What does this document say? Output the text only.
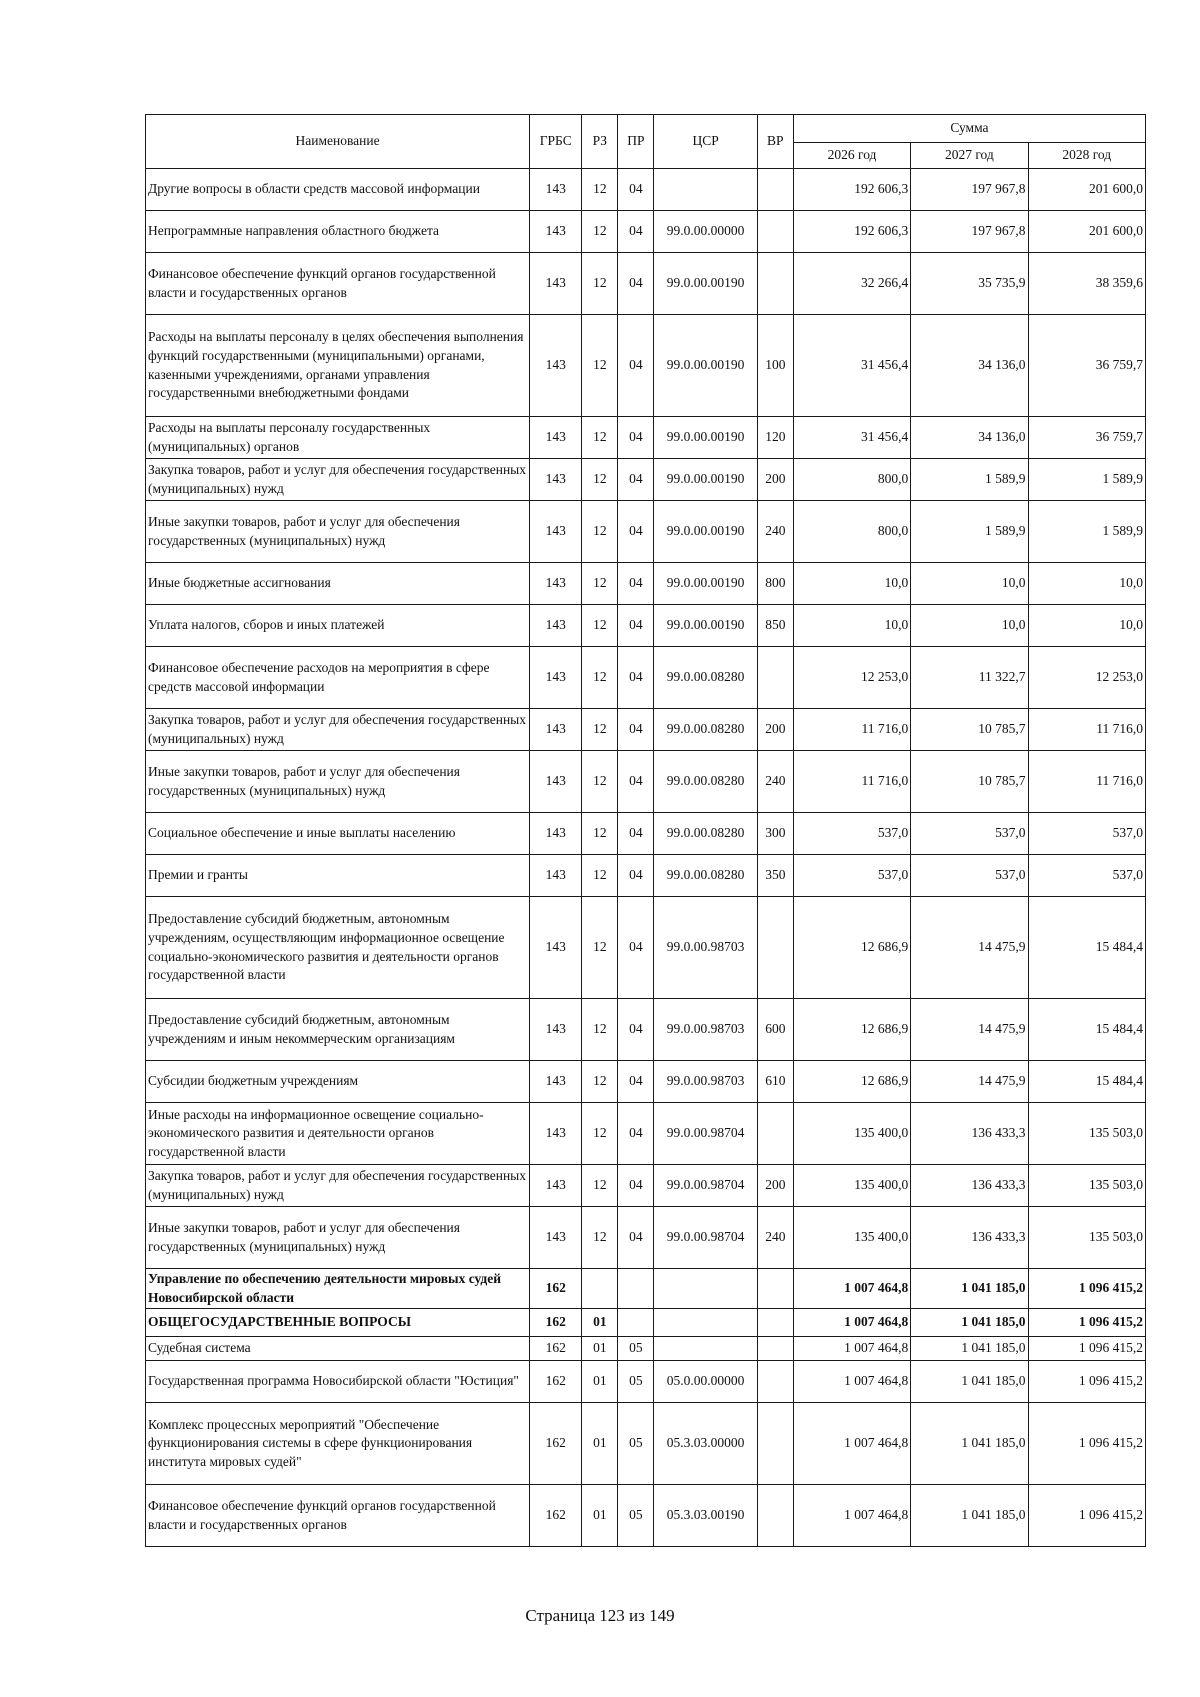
Наименование	ГРБС	РЗ	ПР	ЦСР	ВР	Сумма		
						2026 год	2027 год	2028 год
Другие вопросы в области средств массовой информации	143	12	04			192 606,3	197 967,8	201 600,0
Непрограммные направления областного бюджета	143	12	04	99.0.00.00000		192 606,3	197 967,8	201 600,0
Финансовое обеспечение функций органов государственной власти и государственных органов	143	12	04	99.0.00.00190		32 266,4	35 735,9	38 359,6
Расходы на выплаты персоналу в целях обеспечения выполнения функций государственными (муниципальными) органами, казенными учреждениями, органами управления государственными внебюджетными фондами	143	12	04	99.0.00.00190	100	31 456,4	34 136,0	36 759,7
Расходы на выплаты персоналу государственных (муниципальных) органов	143	12	04	99.0.00.00190	120	31 456,4	34 136,0	36 759,7
Закупка товаров, работ и услуг для обеспечения государственных (муниципальных) нужд	143	12	04	99.0.00.00190	200	800,0	1 589,9	1 589,9
Иные закупки товаров, работ и услуг для обеспечения государственных (муниципальных) нужд	143	12	04	99.0.00.00190	240	800,0	1 589,9	1 589,9
Иные бюджетные ассигнования	143	12	04	99.0.00.00190	800	10,0	10,0	10,0
Уплата налогов, сборов и иных платежей	143	12	04	99.0.00.00190	850	10,0	10,0	10,0
Финансовое обеспечение расходов на мероприятия в сфере средств массовой информации	143	12	04	99.0.00.08280		12 253,0	11 322,7	12 253,0
Закупка товаров, работ и услуг для обеспечения государственных (муниципальных) нужд	143	12	04	99.0.00.08280	200	11 716,0	10 785,7	11 716,0
Иные закупки товаров, работ и услуг для обеспечения государственных (муниципальных) нужд	143	12	04	99.0.00.08280	240	11 716,0	10 785,7	11 716,0
Социальное обеспечение и иные выплаты населению	143	12	04	99.0.00.08280	300	537,0	537,0	537,0
Премии и гранты	143	12	04	99.0.00.08280	350	537,0	537,0	537,0
Предоставление субсидий бюджетным, автономным учреждениям, осуществляющим информационное освещение социально-экономического развития и деятельности органов государственной власти	143	12	04	99.0.00.98703		12 686,9	14 475,9	15 484,4
Предоставление субсидий бюджетным, автономным учреждениям и иным некоммерческим организациям	143	12	04	99.0.00.98703	600	12 686,9	14 475,9	15 484,4
Субсидии бюджетным учреждениям	143	12	04	99.0.00.98703	610	12 686,9	14 475,9	15 484,4
Иные расходы на информационное освещение социально-экономического развития и деятельности органов государственной власти	143	12	04	99.0.00.98704		135 400,0	136 433,3	135 503,0
Закупка товаров, работ и услуг для обеспечения государственных (муниципальных) нужд	143	12	04	99.0.00.98704	200	135 400,0	136 433,3	135 503,0
Иные закупки товаров, работ и услуг для обеспечения государственных (муниципальных) нужд	143	12	04	99.0.00.98704	240	135 400,0	136 433,3	135 503,0
Управление по обеспечению деятельности мировых судей Новосибирской области	162					1 007 464,8	1 041 185,0	1 096 415,2
ОБЩЕГОСУДАРСТВЕННЫЕ ВОПРОСЫ	162	01				1 007 464,8	1 041 185,0	1 096 415,2
Судебная система	162	01	05			1 007 464,8	1 041 185,0	1 096 415,2
Государственная программа Новосибирской области "Юстиция"	162	01	05	05.0.00.00000		1 007 464,8	1 041 185,0	1 096 415,2
Комплекс процессных мероприятий "Обеспечение функционирования системы в сфере функционирования института мировых судей"	162	01	05	05.3.03.00000		1 007 464,8	1 041 185,0	1 096 415,2
Финансовое обеспечение функций органов государственной власти и государственных органов	162	01	05	05.3.03.00190		1 007 464,8	1 041 185,0	1 096 415,2
Страница 123 из 149
